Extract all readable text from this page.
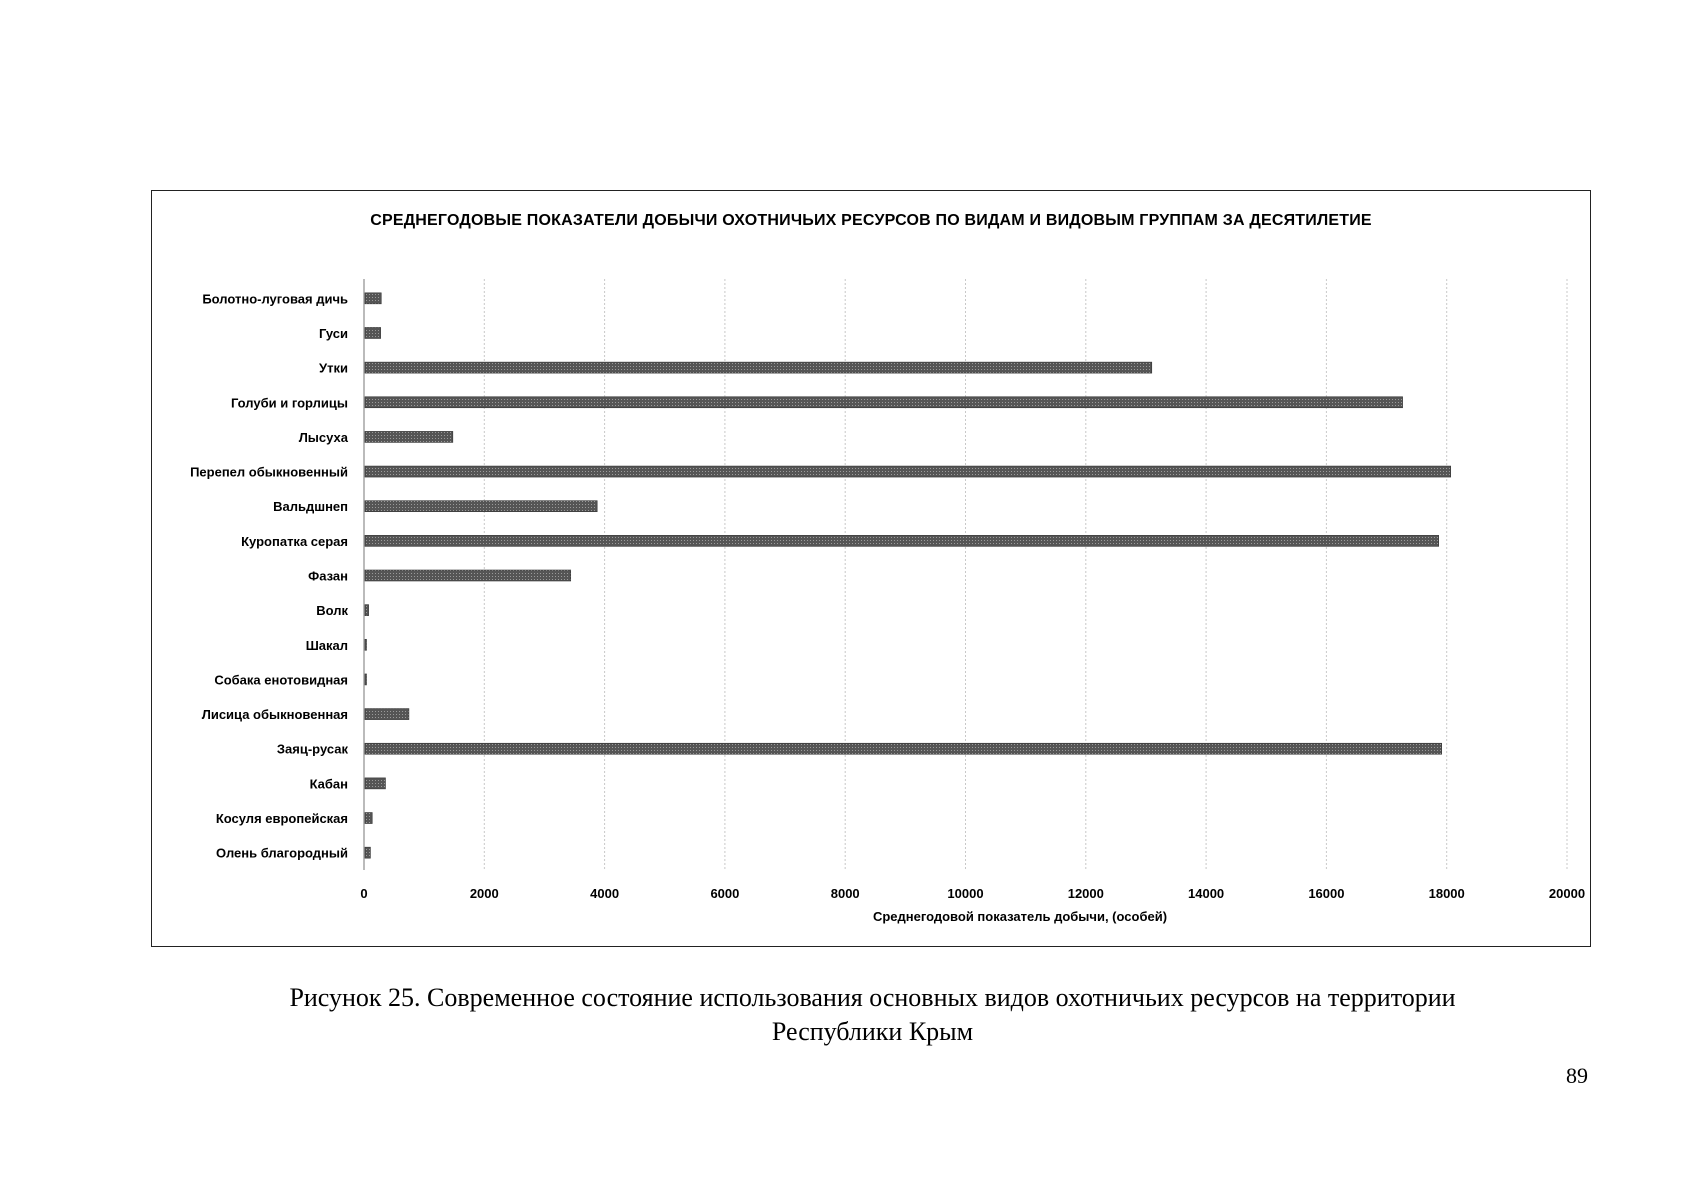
СРЕДНЕГОДОВЫЕ ПОКАЗАТЕЛИ ДОБЫЧИ ОХОТНИЧЬИХ РЕСУРСОВ ПО ВИДАМ И ВИДОВЫМ ГРУППАМ ЗА ДЕСЯТИЛЕТИЕ
0	2000	4000	6000	8000	10000	12000	14000	16000	18000	20000
Болотно-луговая дичь
Гуси
Утки
Голуби и горлицы
Лысуха
Перепел обыкновенный
Вальдшнеп
Куропатка серая
Фазан
Волк
Шакал
Собака енотовидная
Лисица обыкновенная
Заяц-русак
Кабан
Косуля европейская
Олень благородный
Среднегодовой показатель добычи, (особей)
Рисунок 25. Современное состояние использования основных видов охотничьих ресурсов на территории
Республики Крым
89
